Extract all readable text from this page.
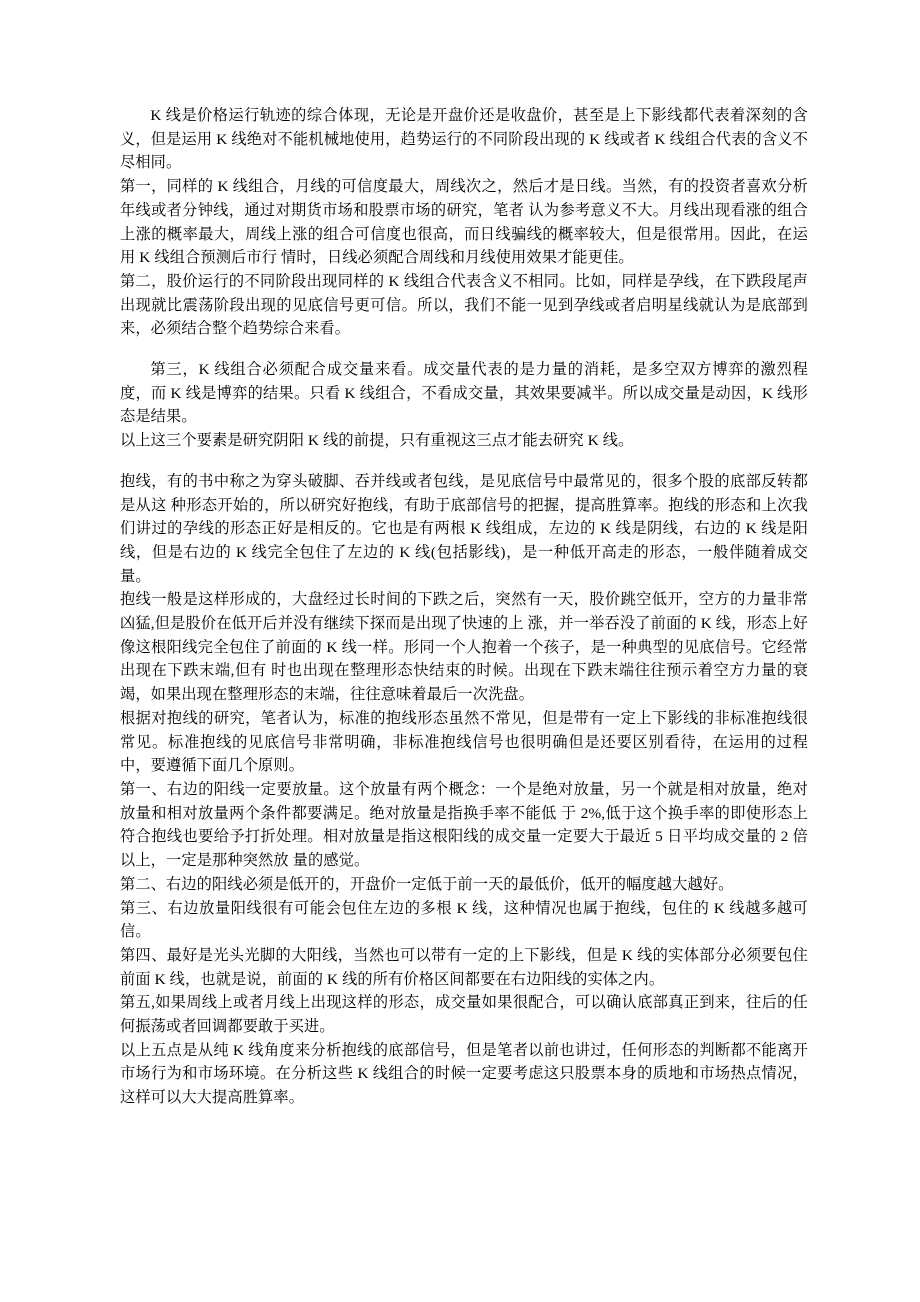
K 线是价格运行轨迹的综合体现，无论是开盘价还是收盘价，甚至是上下影线都代表着深刻的含义，但是运用 K 线绝对不能机械地使用，趋势运行的不同阶段出现的 K 线或者 K 线组合代表的含义不尽相同。

第一，同样的 K 线组合，月线的可信度最大，周线次之，然后才是日线。当然，有的投资者喜欢分析年线或者分钟线，通过对期货市场和股票市场的研究，笔者 认为参考意义不大。月线出现看涨的组合上涨的概率最大，周线上涨的组合可信度也很高，而日线骗线的概率较大，但是很常用。因此，在运用 K 线组合预测后市行 情时，日线必须配合周线和月线使用效果才能更佳。

第二，股价运行的不同阶段出现同样的 K 线组合代表含义不相同。比如，同样是孕线，在下跌段尾声出现就比震荡阶段出现的见底信号更可信。所以，我们不能一见到孕线或者启明星线就认为是底部到来，必须结合整个趋势综合来看。

第三，K 线组合必须配合成交量来看。成交量代表的是力量的消耗，是多空双方博弈的激烈程度，而 K 线是博弈的结果。只看 K 线组合，不看成交量，其效果要减半。所以成交量是动因，K 线形态是结果。

以上这三个要素是研究阴阳 K 线的前提，只有重视这三点才能去研究 K 线。

抱线，有的书中称之为穿头破脚、吞并线或者包线，是见底信号中最常见的，很多个股的底部反转都是从这 种形态开始的，所以研究好抱线，有助于底部信号的把握，提高胜算率。抱线的形态和上次我们讲过的孕线的形态正好是相反的。它也是有两根 K 线组成，左边的 K 线是阴线，右边的 K 线是阳线，但是右边的 K 线完全包住了左边的 K 线(包括影线)，是一种低开高走的形态，一般伴随着成交量。

抱线一般是这样形成的，大盘经过长时间的下跌之后，突然有一天，股价跳空低开，空方的力量非常凶猛,但是股价在低开后并没有继续下探而是出现了快速的上 涨，并一举吞没了前面的 K 线，形态上好像这根阳线完全包住了前面的 K 线一样。形同一个人抱着一个孩子，是一种典型的见底信号。它经常出现在下跌末端,但有 时也出现在整理形态快结束的时候。出现在下跌末端往往预示着空方力量的衰竭，如果出现在整理形态的末端，往往意味着最后一次洗盘。

根据对抱线的研究，笔者认为，标准的抱线形态虽然不常见，但是带有一定上下影线的非标准抱线很常见。标准抱线的见底信号非常明确，非标准抱线信号也很明确但是还要区别看待，在运用的过程中，要遵循下面几个原则。

第一、右边的阳线一定要放量。这个放量有两个概念：一个是绝对放量，另一个就是相对放量，绝对放量和相对放量两个条件都要满足。绝对放量是指换手率不能低 于 2%,低于这个换手率的即使形态上符合抱线也要给予打折处理。相对放量是指这根阳线的成交量一定要大于最近 5 日平均成交量的 2 倍以上，一定是那种突然放 量的感觉。

第二、右边的阳线必须是低开的，开盘价一定低于前一天的最低价，低开的幅度越大越好。

第三、右边放量阳线很有可能会包住左边的多根 K 线，这种情况也属于抱线，包住的 K 线越多越可信。

第四、最好是光头光脚的大阳线，当然也可以带有一定的上下影线，但是 K 线的实体部分必须要包住前面 K 线，也就是说，前面的 K 线的所有价格区间都要在右边阳线的实体之内。

第五,如果周线上或者月线上出现这样的形态，成交量如果很配合，可以确认底部真正到来，往后的任何振荡或者回调都要敢于买进。

以上五点是从纯 K 线角度来分析抱线的底部信号，但是笔者以前也讲过，任何形态的判断都不能离开市场行为和市场环境。在分析这些 K 线组合的时候一定要考虑这只股票本身的质地和市场热点情况，这样可以大大提高胜算率。
